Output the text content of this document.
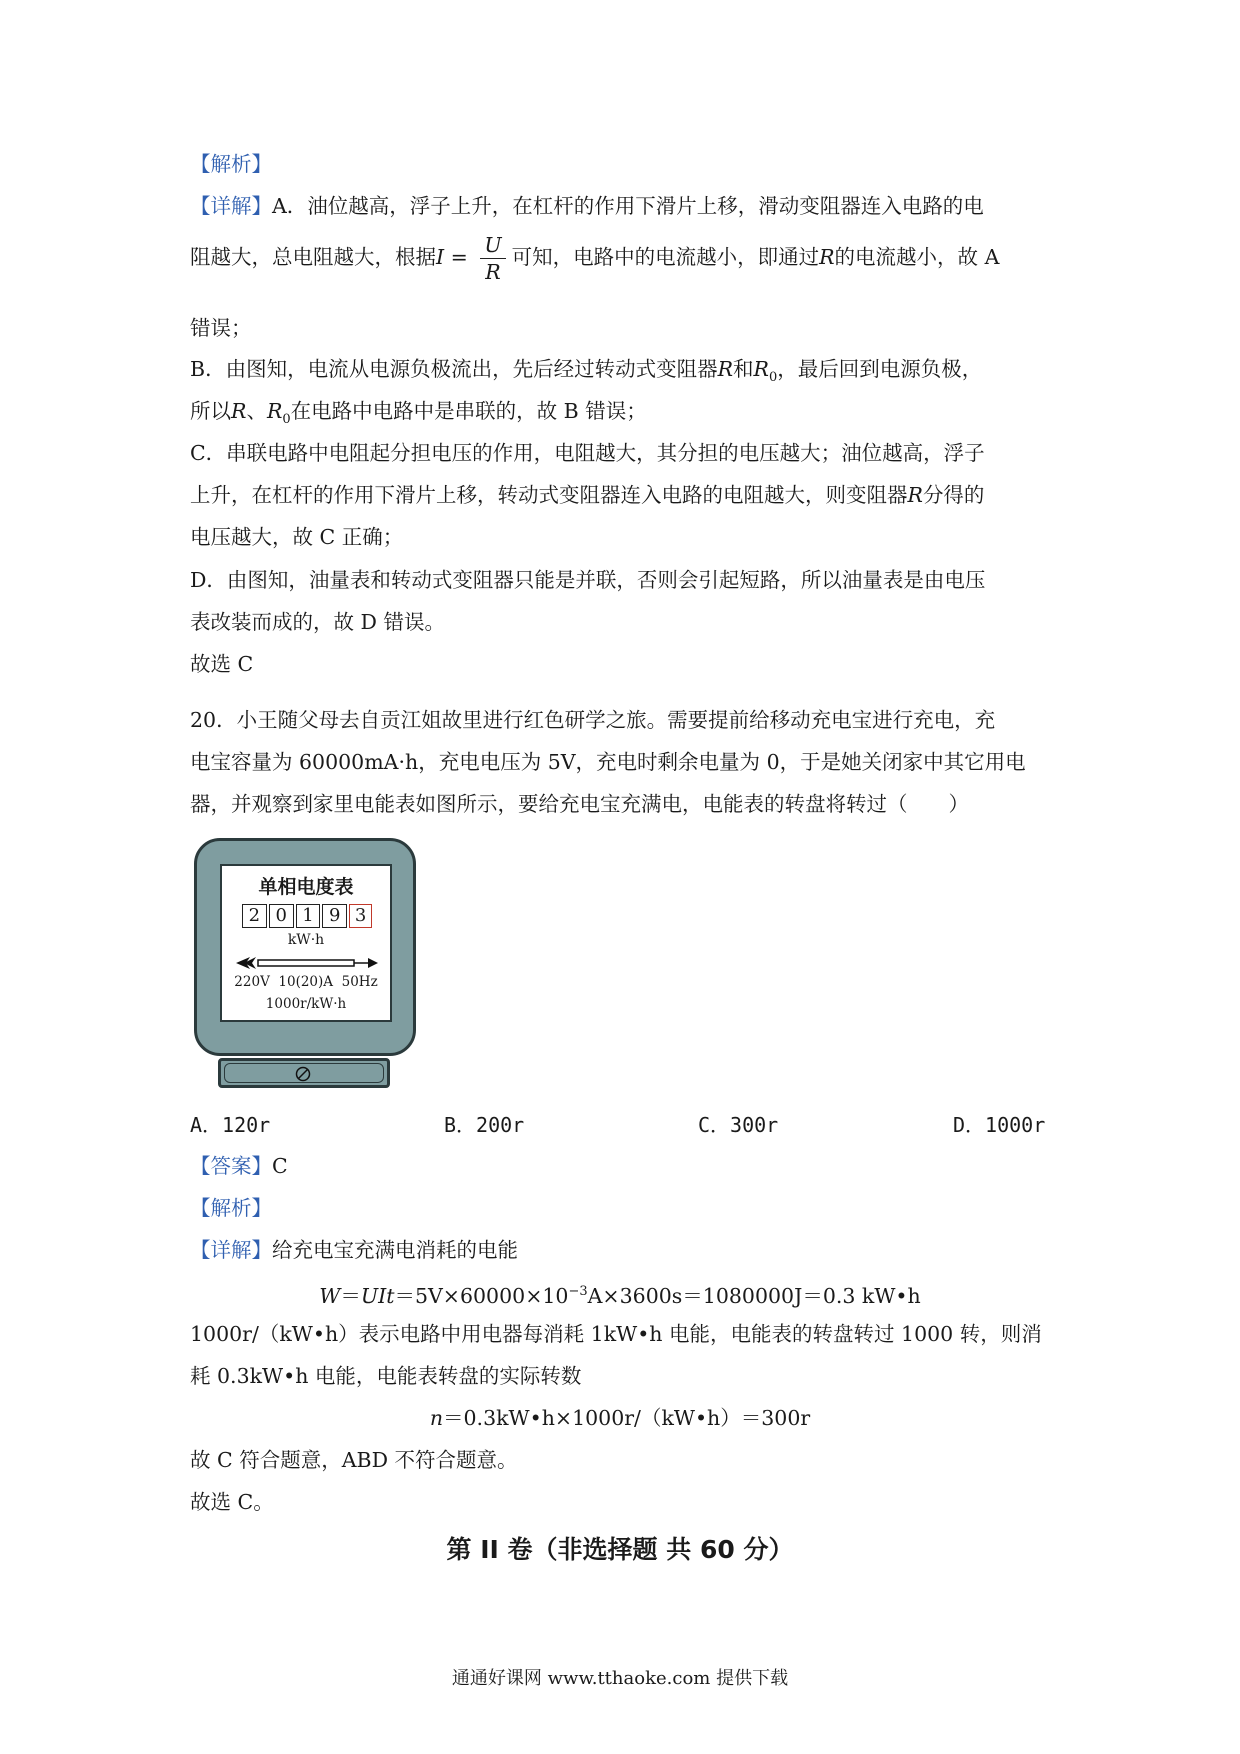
【解析】
【详解】A．油位越高，浮子上升，在杠杆的作用下滑片上移，滑动变阻器连入电路的电
阻越大，总电阻越大，根据$I = \frac{U}{R}$ 可知，电路中的电流越小，即通过R的电流越小，故 A
错误；
B．由图知，电流从电源负极流出，先后经过转动式变阻器R和$R_0$，最后回到电源负极，
所以R、$R_0$在电路中电路中是串联的，故 B 错误；
C．串联电路中电阻起分担电压的作用，电阻越大，其分担的电压越大；油位越高，浮子
上升，在杠杆的作用下滑片上移，转动式变阻器连入电路的电阻越大，则变阻器R分得的
电压越大，故 C 正确；
D．由图知，油量表和转动式变阻器只能是并联，否则会引起短路，所以油量表是由电压
表改装而成的，故 D 错误。
故选 C
20．小王随父母去自贡江姐故里进行红色研学之旅。需要提前给移动充电宝进行充电，充
电宝容量为 60000mA·h，充电电压为 5V，充电时剩余电量为 0，于是她关闭家中其它用电
器，并观察到家里电能表如图所示，要给充电宝充满电，电能表的转盘将转过（　　）
单相电度表
2 0 1 9 3
kW·h
220V  10(20)A  50Hz
1000r/kW·h
A．120r	B．200r	C．300r	D．1000r
【答案】C
【解析】
【详解】给充电宝充满电消耗的电能
$W=UIt=5V\times 60000\times 10^{-3}A\times 3600s=1080000J=0.3$ kW•h
1000r/（kW•h）表示电路中用电器每消耗 1kW•h 电能，电能表的转盘转过 1000 转，则消
耗 0.3kW•h 电能，电能表转盘的实际转数
n＝0.3kW•h×1000r/（kW•h）＝300r
故 C 符合题意，ABD 不符合题意。
故选 C。
第 II 卷（非选择题 共 60 分）
通通好课网 www.tthaoke.com 提供下载
